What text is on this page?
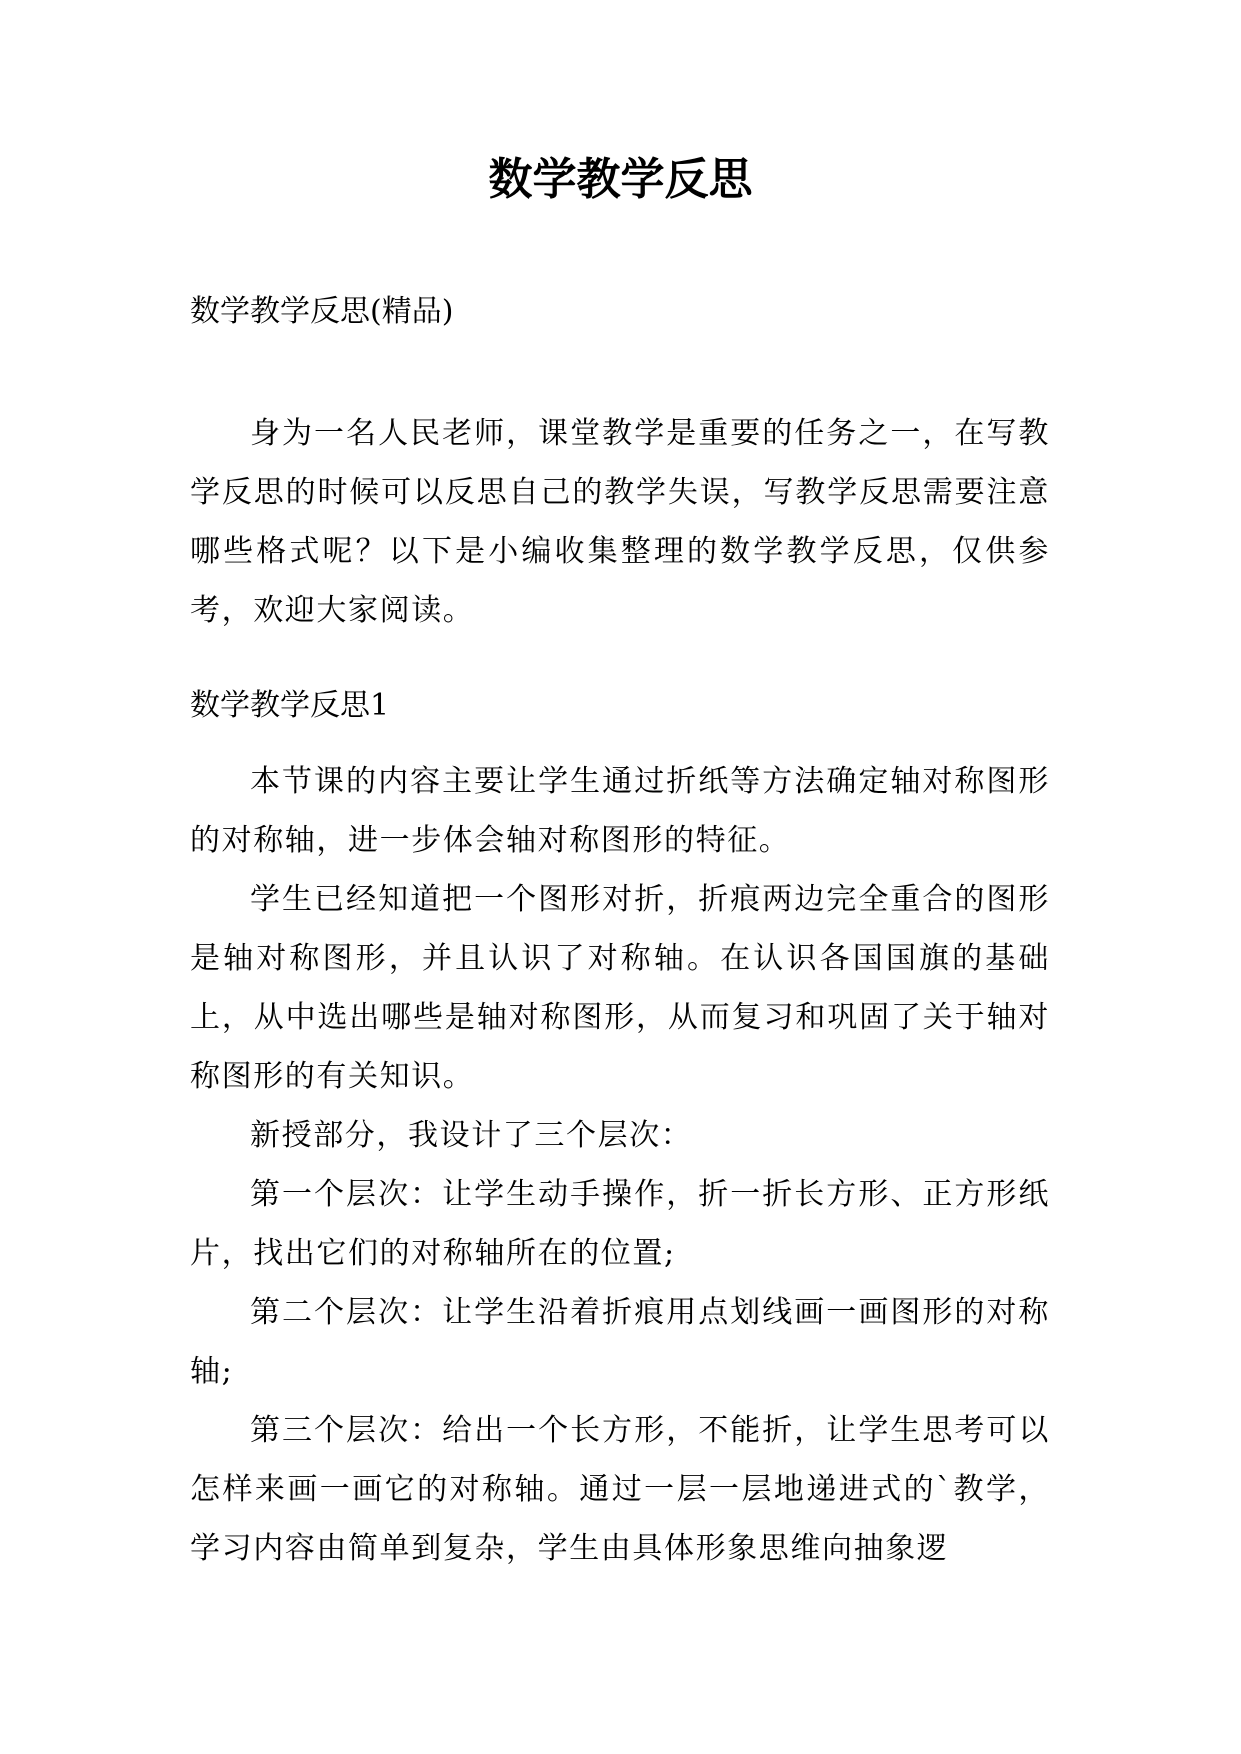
数学教学反思

数学教学反思(精品)

身为一名人民老师，课堂教学是重要的任务之一，在写教学反思的时候可以反思自己的教学失误，写教学反思需要注意哪些格式呢？以下是小编收集整理的数学教学反思，仅供参考，欢迎大家阅读。

数学教学反思1

本节课的内容主要让学生通过折纸等方法确定轴对称图形的对称轴，进一步体会轴对称图形的特征。

学生已经知道把一个图形对折，折痕两边完全重合的图形是轴对称图形，并且认识了对称轴。在认识各国国旗的基础上，从中选出哪些是轴对称图形，从而复习和巩固了关于轴对称图形的有关知识。

新授部分，我设计了三个层次：

第一个层次：让学生动手操作，折一折长方形、正方形纸片，找出它们的对称轴所在的位置;

第二个层次：让学生沿着折痕用点划线画一画图形的对称轴;

第三个层次：给出一个长方形，不能折，让学生思考可以怎样来画一画它的对称轴。通过一层一层地递进式的`教学，学习内容由简单到复杂，学生由具体形象思维向抽象逻
